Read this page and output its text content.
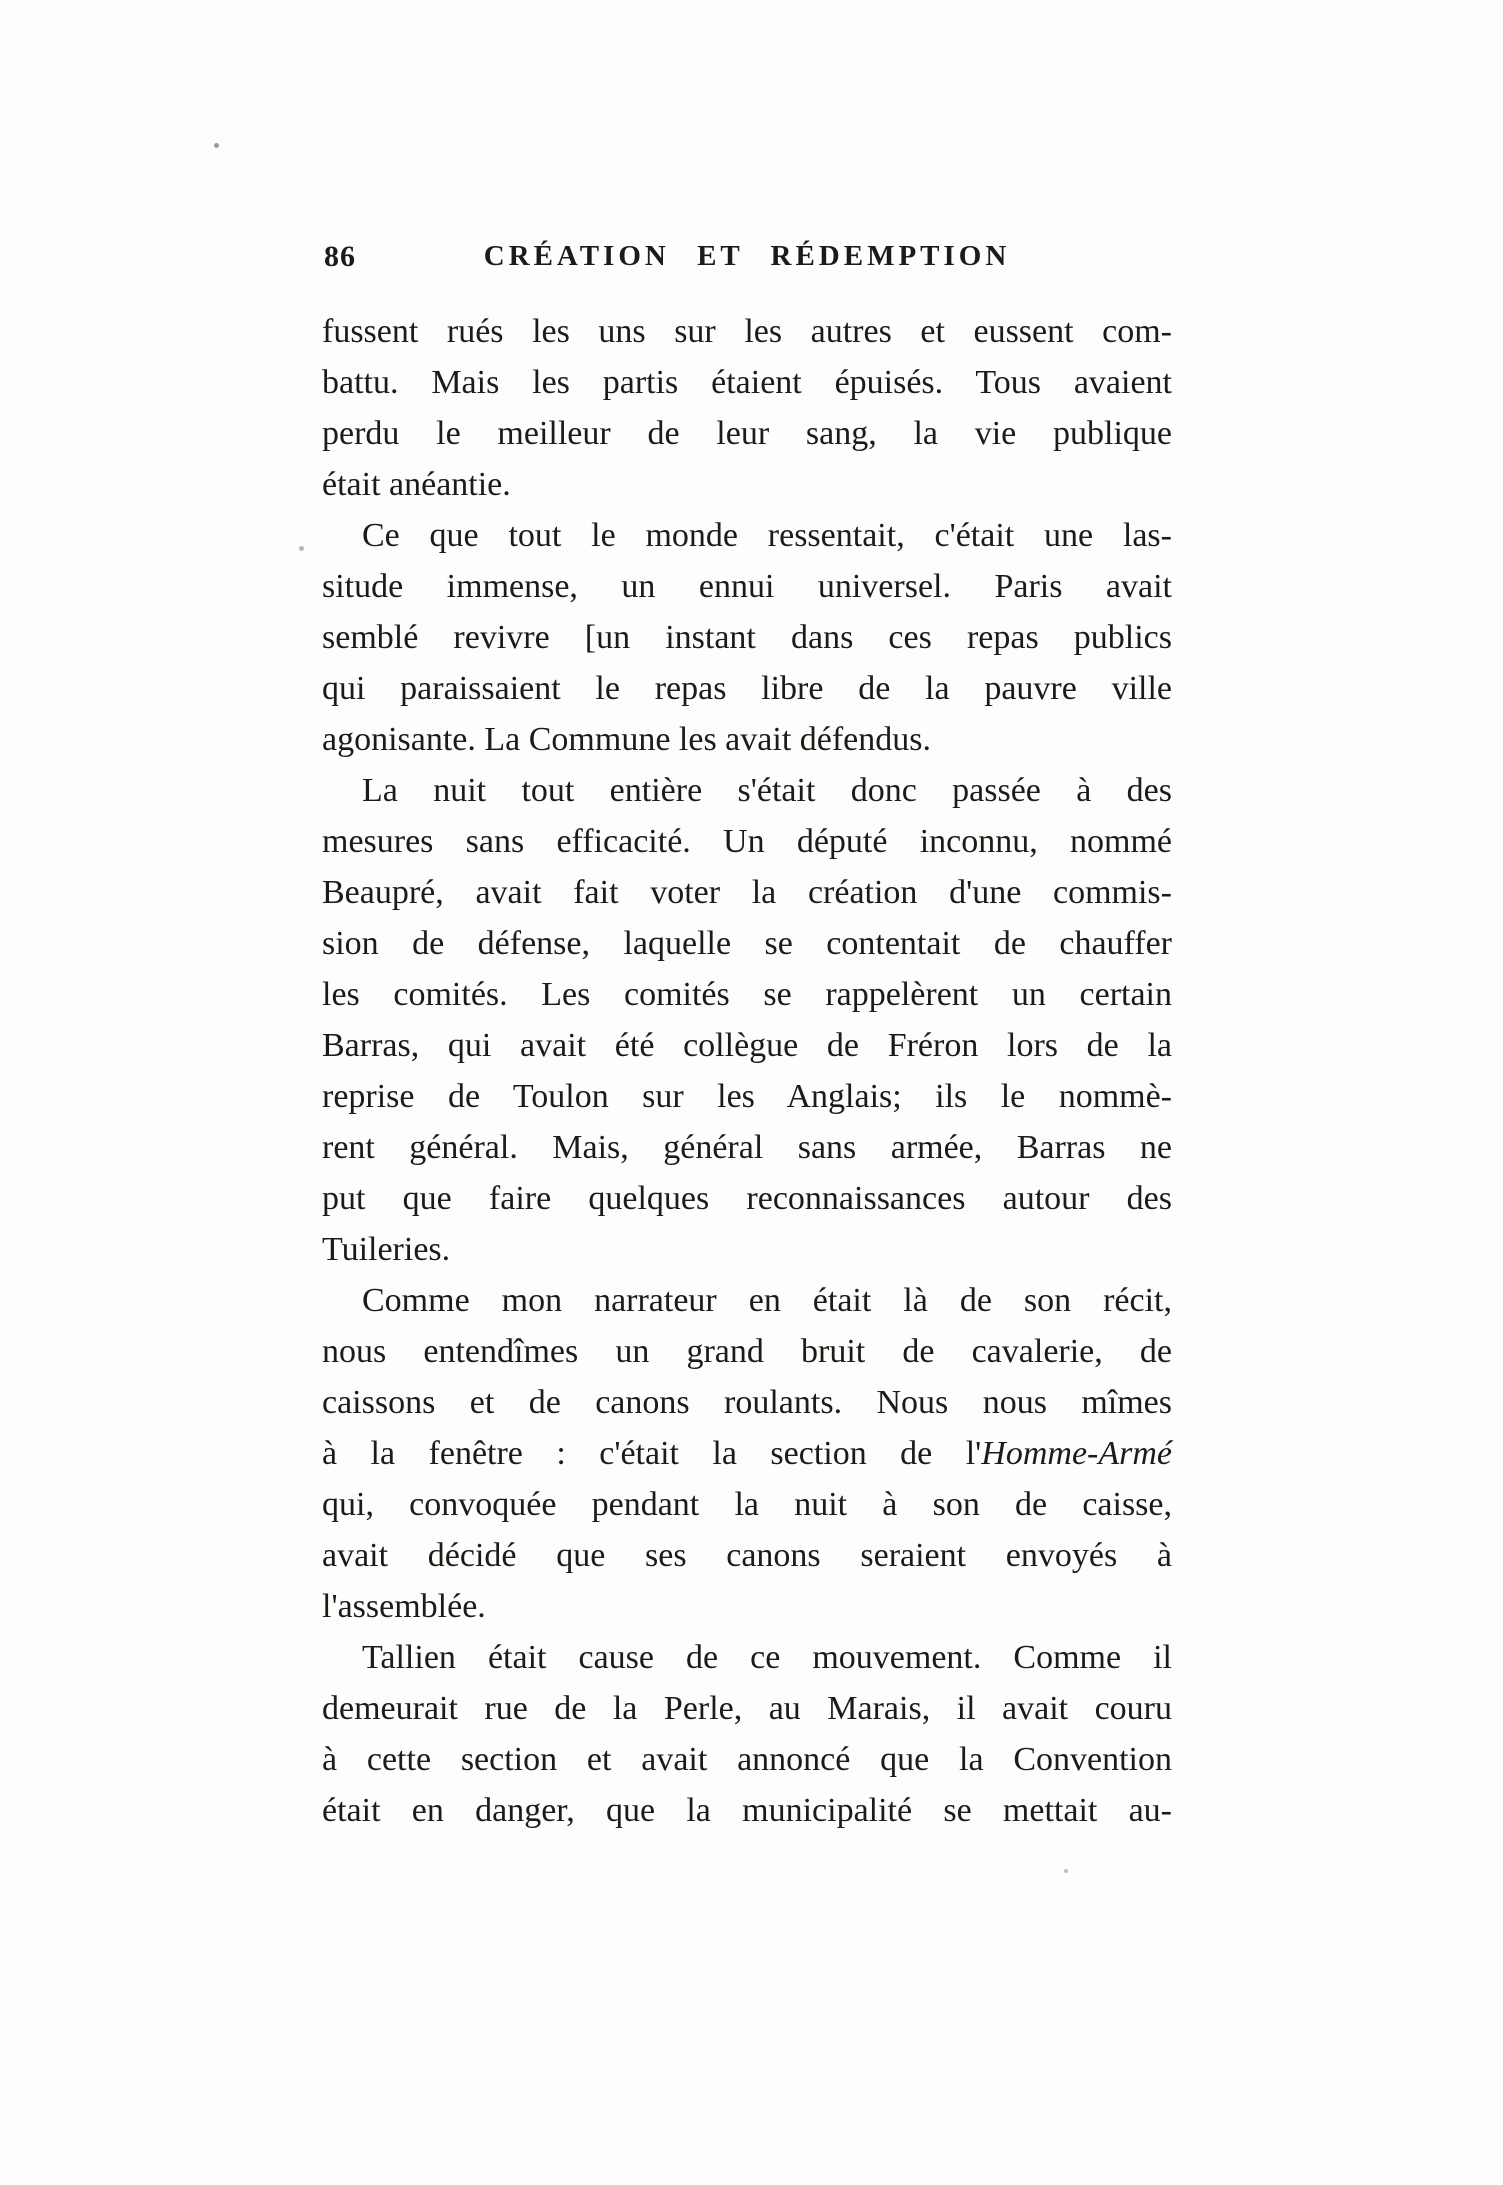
86	CRÉATION ET RÉDEMPTION
fussent rués les uns sur les autres et eussent com-
battu. Mais les partis étaient épuisés. Tous avaient
perdu le meilleur de leur sang, la vie publique
était anéantie.
Ce que tout le monde ressentait, c'était une las-
situde immense, un ennui universel. Paris avait
semblé revivre [un instant dans ces repas publics
qui paraissaient le repas libre de la pauvre ville
agonisante. La Commune les avait défendus.
La nuit tout entière s'était donc passée à des
mesures sans efficacité. Un député inconnu, nommé
Beaupré, avait fait voter la création d'une commis-
sion de défense, laquelle se contentait de chauffer
les comités. Les comités se rappelèrent un certain
Barras, qui avait été collègue de Fréron lors de la
reprise de Toulon sur les Anglais; ils le nommè-
rent général. Mais, général sans armée, Barras ne
put que faire quelques reconnaissances autour des
Tuileries.
Comme mon narrateur en était là de son récit,
nous entendîmes un grand bruit de cavalerie, de
caissons et de canons roulants. Nous nous mîmes
à la fenêtre : c'était la section de l'Homme-Armé
qui, convoquée pendant la nuit à son de caisse,
avait décidé que ses canons seraient envoyés à
l'assemblée.
Tallien était cause de ce mouvement. Comme il
demeurait rue de la Perle, au Marais, il avait couru
à cette section et avait annoncé que la Convention
était en danger, que la municipalité se mettait au-
